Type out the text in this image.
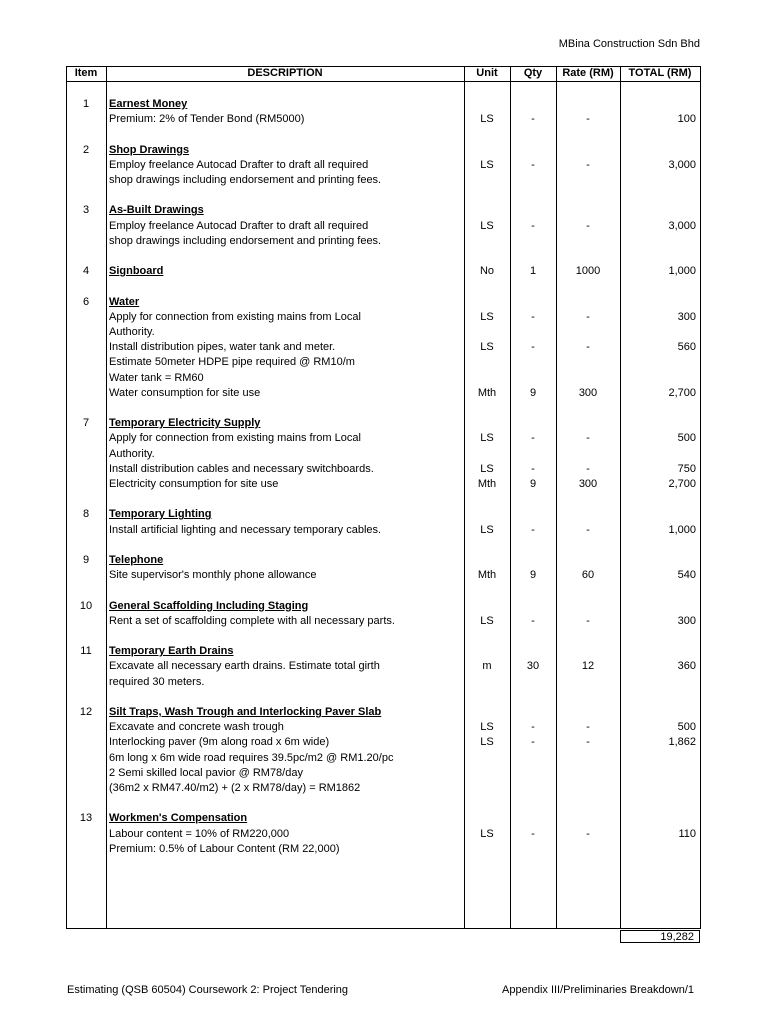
MBina Construction Sdn Bhd
Item	DESCRIPTION	Unit	Qty	Rate (RM)	TOTAL (RM)
1	Earnest Money
Premium: 2% of Tender Bond (RM5000)	LS	-	-	100
2	Shop Drawings
Employ freelance Autocad Drafter to draft all required	LS	-	-	3,000
shop drawings including endorsement and printing fees.
3	As-Built Drawings
Employ freelance Autocad Drafter to draft all required	LS	-	-	3,000
shop drawings including endorsement and printing fees.
4	Signboard	No	1	1000	1,000
6	Water
Apply for connection from existing mains from Local	LS	-	-	300
Authority.
Install distribution pipes, water tank and meter.	LS	-	-	560
Estimate 50meter HDPE pipe required @ RM10/m
Water tank = RM60
Water consumption for site use	Mth	9	300	2,700
7	Temporary Electricity Supply
Apply for connection from existing mains from Local	LS	-	-	500
Authority.
Install distribution cables and necessary switchboards.	LS	-	-	750
Electricity consumption for site use	Mth	9	300	2,700
8	Temporary Lighting
Install artificial lighting and necessary temporary cables.	LS	-	-	1,000
9	Telephone
Site supervisor's monthly phone allowance	Mth	9	60	540
10	General Scaffolding Including Staging
Rent a set of scaffolding complete with all necessary parts.	LS	-	-	300
11	Temporary Earth Drains
Excavate all necessary earth drains. Estimate total girth	m	30	12	360
required 30 meters.
12	Silt Traps, Wash Trough and Interlocking Paver Slab
Excavate and concrete wash trough	LS	-	-	500
Interlocking paver (9m along road x 6m wide)	LS	-	-	1,862
6m long x 6m wide road requires 39.5pc/m2 @ RM1.20/pc
2 Semi skilled local pavior @ RM78/day
(36m2 x RM47.40/m2) + (2 x RM78/day) = RM1862
13	Workmen's Compensation
Labour content = 10% of RM220,000	LS	-	-	110
Premium: 0.5% of Labour Content (RM 22,000)
19,282
Estimating (QSB 60504) Coursework 2: Project Tendering	Appendix III/Preliminaries Breakdown/1
